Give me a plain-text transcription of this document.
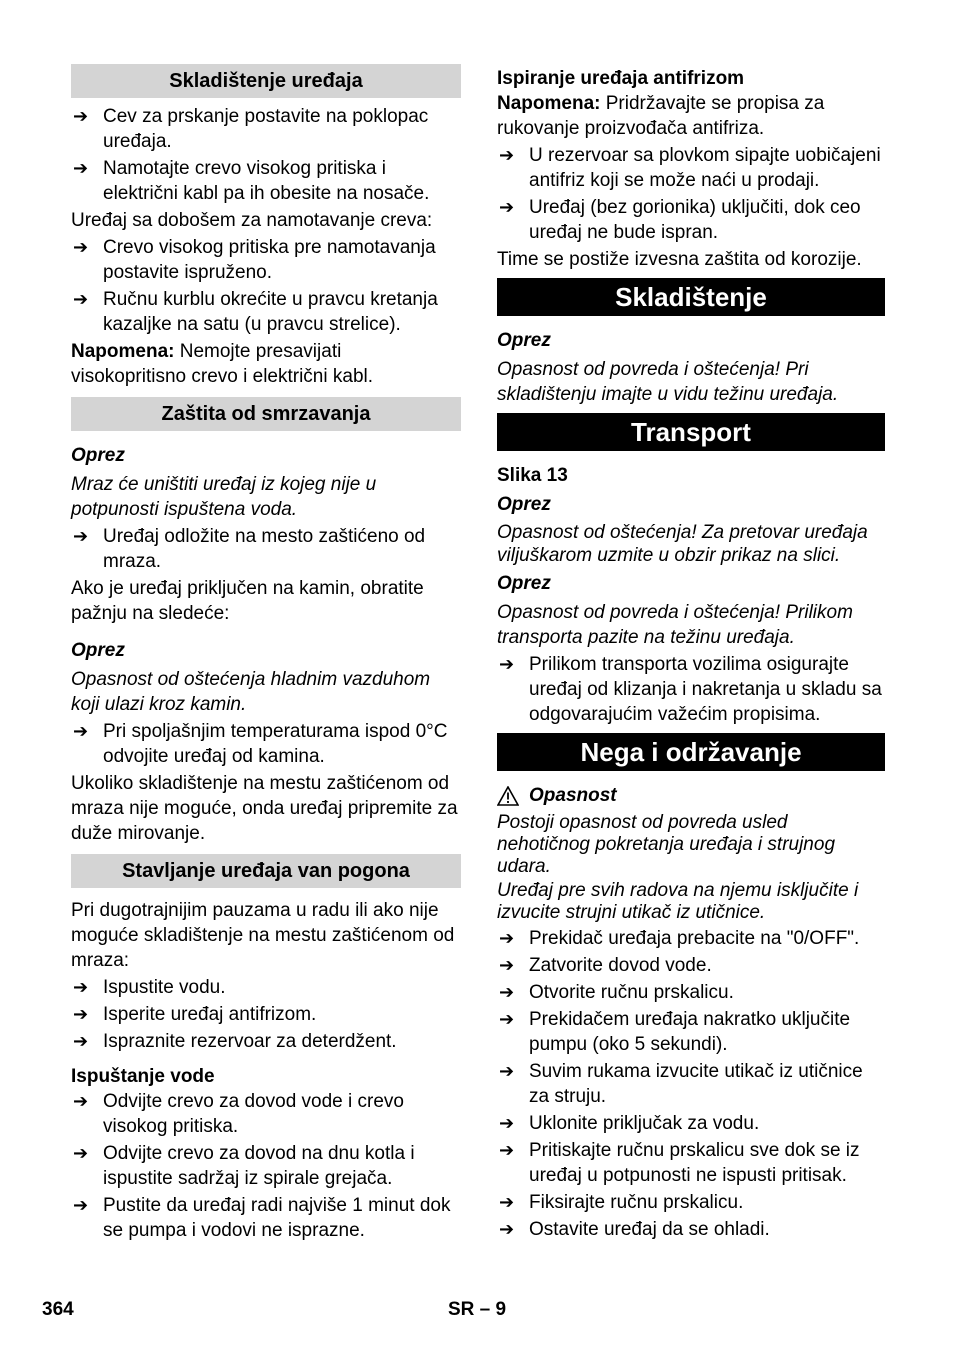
Skladištenje uređaja
➔ Cev za prskanje postavite na poklopac uređaja.
➔ Namotajte crevo visokog pritiska i električni kabl pa ih obesite na nosače.
Uređaj sa dobošem za namotavanje creva:
➔ Crevo visokog pritiska pre namotavanja postavite ispruženo.
➔ Ručnu kurblu okrećite u pravcu kretanja kazaljke na satu (u pravcu strelice).
Napomena: Nemojte presavijati visokopritisno crevo i električni kabl.
Zaštita od smrzavanja
Oprez
Mraz će uništiti uređaj iz kojeg nije u potpunosti ispuštena voda.
➔ Uređaj odložite na mesto zaštićeno od mraza.
Ako je uređaj priključen na kamin, obratite pažnju na sledeće:
Oprez
Opasnost od oštećenja hladnim vazduhom koji ulazi kroz kamin.
➔ Pri spoljašnjim temperaturama ispod 0°C odvojite uređaj od kamina.
Ukoliko skladištenje na mestu zaštićenom od mraza nije moguće, onda uređaj pripremite za duže mirovanje.
Stavljanje uređaja van pogona
Pri dugotrajnijim pauzama u radu ili ako nije moguće skladištenje na mestu zaštićenom od mraza:
➔ Ispustite vodu.
➔ Isperite uređaj antifrizom.
➔ Ispraznite rezervoar za deterdžent.
Ispuštanje vode
➔ Odvijte crevo za dovod vode i crevo visokog pritiska.
➔ Odvijte crevo za dovod na dnu kotla i ispustite sadržaj iz spirale grejača.
➔ Pustite da uređaj radi najviše 1 minut dok se pumpa i vodovi ne isprazne.
Ispiranje uređaja antifrizom
Napomena: Pridržavajte se propisa za rukovanje proizvođača antifriza.
➔ U rezervoar sa plovkom sipajte uobičajeni antifriz koji se može naći u prodaji.
➔ Uređaj (bez gorionika) uključiti, dok ceo uređaj ne bude ispran.
Time se postiže izvesna zaštita od korozije.
Skladištenje
Oprez
Opasnost od povreda i oštećenja! Pri skladištenju imajte u vidu težinu uređaja.
Transport
Slika 13
Oprez
Opasnost od oštećenja! Za pretovar uređaja viljuškarom uzmite u obzir prikaz na slici.
Oprez
Opasnost od povreda i oštećenja! Prilikom transporta pazite na težinu uređaja.
➔ Prilikom transporta vozilima osigurajte uređaj od klizanja i nakretanja u skladu sa odgovarajućim važećim propisima.
Nega i održavanje
Opasnost
Postoji opasnost od povreda usled nehotičnog pokretanja uređaja i strujnog udara.
Uređaj pre svih radova na njemu isključite i izvucite strujni utikač iz utičnice.
➔ Prekidač uređaja prebacite na "0/OFF".
➔ Zatvorite dovod vode.
➔ Otvorite ručnu prskalicu.
➔ Prekidačem uređaja nakratko uključite pumpu (oko 5 sekundi).
➔ Suvim rukama izvucite utikač iz utičnice za struju.
➔ Uklonite priključak za vodu.
➔ Pritiskajte ručnu prskalicu sve dok se iz uređaj u potpunosti ne ispusti pritisak.
➔ Fiksirajte ručnu prskalicu.
➔ Ostavite uređaj da se ohladi.
364	SR – 9
